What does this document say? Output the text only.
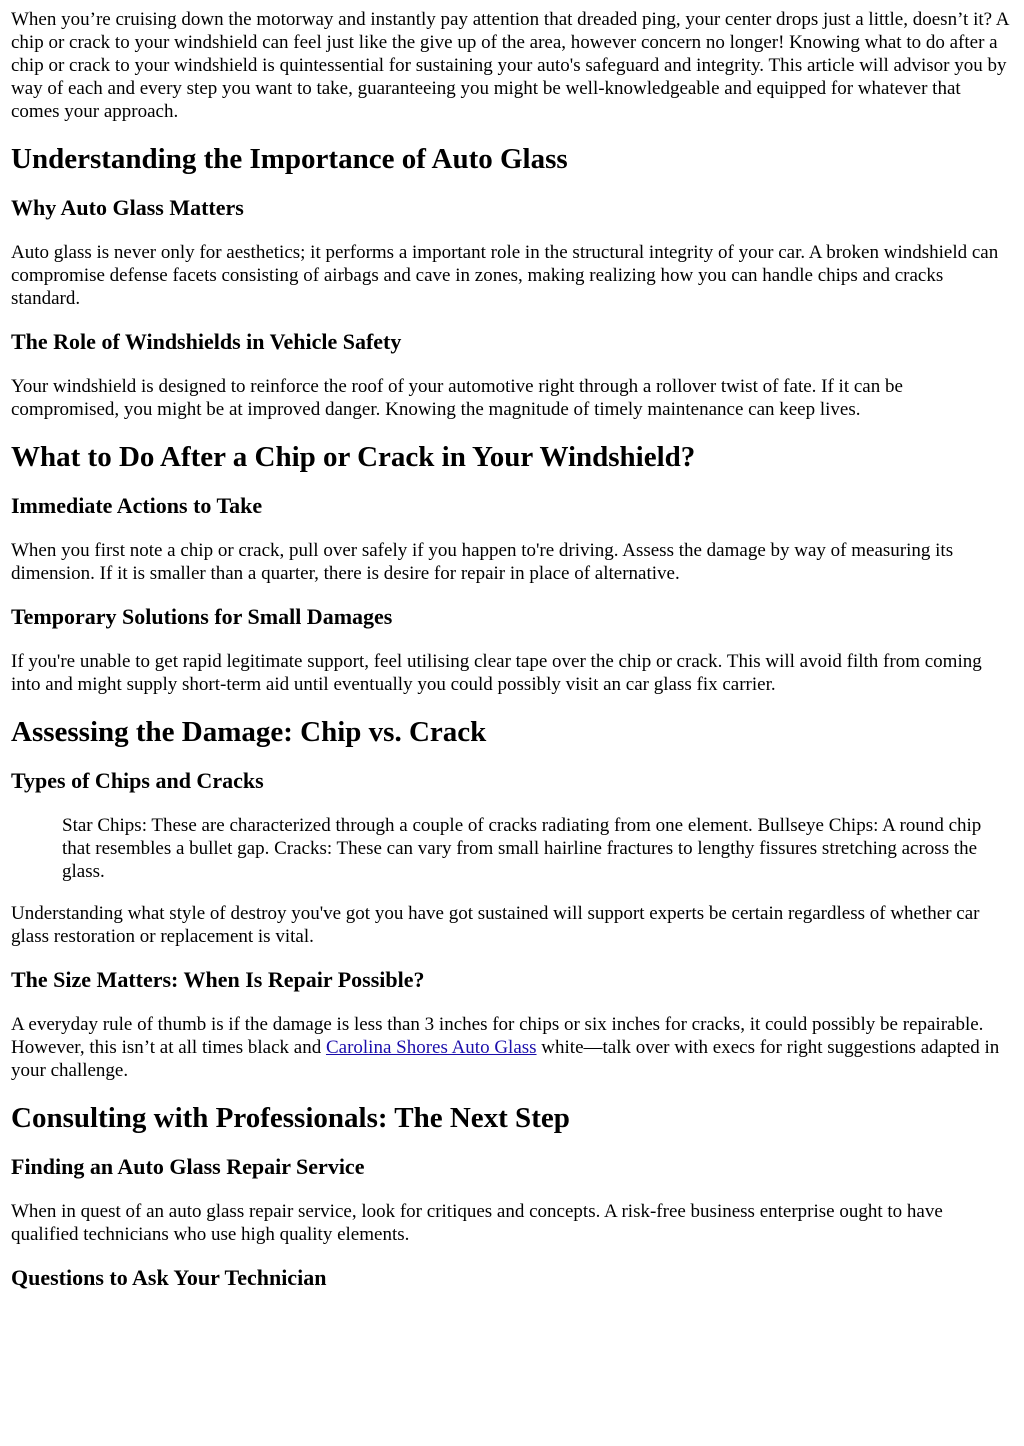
When you’re cruising down the motorway and instantly pay attention that dreaded ping, your center drops just a little, doesn’t it? A chip or crack to your windshield can feel just like the give up of the area, however concern no longer! Knowing what to do after a chip or crack to your windshield is quintessential for sustaining your auto's safeguard and integrity. This article will advisor you by way of each and every step you want to take, guaranteeing you might be well-knowledgeable and equipped for whatever that comes your approach.

Understanding the Importance of Auto Glass
Why Auto Glass Matters

Auto glass is never only for aesthetics; it performs a important role in the structural integrity of your car. A broken windshield can compromise defense facets consisting of airbags and cave in zones, making realizing how you can handle chips and cracks standard.

The Role of Windshields in Vehicle Safety

Your windshield is designed to reinforce the roof of your automotive right through a rollover twist of fate. If it can be compromised, you might be at improved danger. Knowing the magnitude of timely maintenance can keep lives.

What to Do After a Chip or Crack in Your Windshield?
Immediate Actions to Take

When you first note a chip or crack, pull over safely if you happen to're driving. Assess the damage by way of measuring its dimension. If it is smaller than a quarter, there is desire for repair in place of alternative.

Temporary Solutions for Small Damages

If you're unable to get rapid legitimate support, feel utilising clear tape over the chip or crack. This will avoid filth from coming into and might supply short-term aid until eventually you could possibly visit an car glass fix carrier.

Assessing the Damage: Chip vs. Crack
Types of Chips and Cracks
Star Chips: These are characterized through a couple of cracks radiating from one element. Bullseye Chips: A round chip that resembles a bullet gap. Cracks: These can vary from small hairline fractures to lengthy fissures stretching across the glass.

Understanding what style of destroy you've got you have got sustained will support experts be certain regardless of whether car glass restoration or replacement is vital.

The Size Matters: When Is Repair Possible?

A everyday rule of thumb is if the damage is less than 3 inches for chips or six inches for cracks, it could possibly be repairable. However, this isn’t at all times black and Carolina Shores Auto Glass white—talk over with execs for right suggestions adapted in your challenge.

Consulting with Professionals: The Next Step
Finding an Auto Glass Repair Service

When in quest of an auto glass repair service, look for critiques and concepts. A risk-free business enterprise ought to have qualified technicians who use high quality elements.

Questions to Ask Your Technician
